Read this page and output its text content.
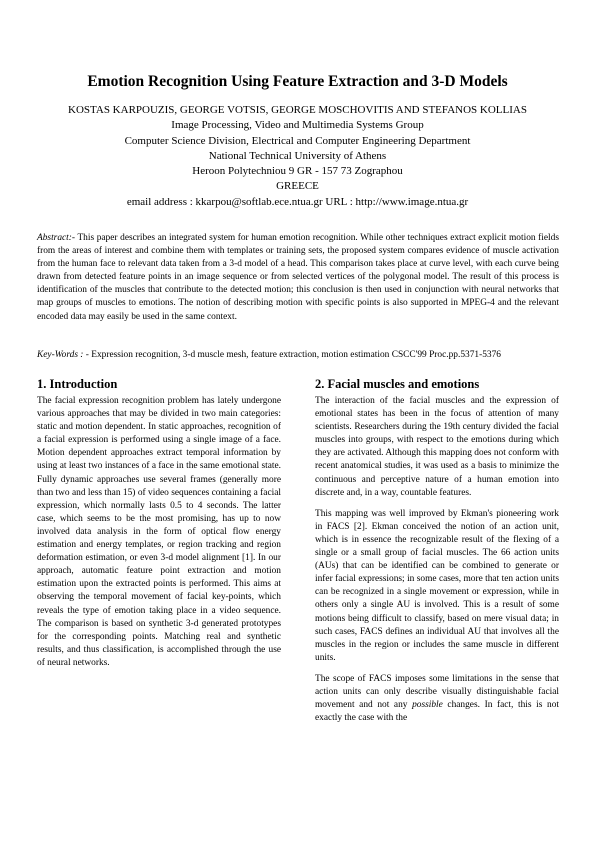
Emotion Recognition Using Feature Extraction and 3-D Models
KOSTAS KARPOUZIS, GEORGE VOTSIS, GEORGE MOSCHOVITIS AND STEFANOS KOLLIAS
Image Processing, Video and Multimedia Systems Group
Computer Science Division, Electrical and Computer Engineering Department
National Technical University of Athens
Heroon Polytechniou 9 GR - 157 73 Zographou
GREECE
email address : kkarpou@softlab.ece.ntua.gr URL : http://www.image.ntua.gr
Abstract:- This paper describes an integrated system for human emotion recognition. While other techniques extract explicit motion fields from the areas of interest and combine them with templates or training sets, the proposed system compares evidence of muscle activation from the human face to relevant data taken from a 3-d model of a head. This comparison takes place at curve level, with each curve being drawn from detected feature points in an image sequence or from selected vertices of the polygonal model. The result of this process is identification of the muscles that contribute to the detected motion; this conclusion is then used in conjunction with neural networks that map groups of muscles to emotions. The notion of describing motion with specific points is also supported in MPEG-4 and the relevant encoded data may easily be used in the same context.
Key-Words : - Expression recognition, 3-d muscle mesh, feature extraction, motion estimation CSCC'99 Proc.pp.5371-5376
1. Introduction

The facial expression recognition problem has lately undergone various approaches that may be divided in two main categories: static and motion dependent. In static approaches, recognition of a facial expression is performed using a single image of a face. Motion dependent approaches extract temporal information by using at least two instances of a face in the same emotional state. Fully dynamic approaches use several frames (generally more than two and less than 15) of video sequences containing a facial expression, which normally lasts 0.5 to 4 seconds. The latter case, which seems to be the most promising, has up to now involved data analysis in the form of optical flow energy estimation and energy templates, or region tracking and region deformation estimation, or even 3-d model alignment [1]. In our approach, automatic feature point extraction and motion estimation upon the extracted points is performed. This aims at observing the temporal movement of facial key-points, which reveals the type of emotion taking place in a video sequence. The comparison is based on synthetic 3-d generated prototypes for the corresponding points. Matching real and synthetic results, and thus classification, is accomplished through the use of neural networks.

2. Facial muscles and emotions

The interaction of the facial muscles and the expression of emotional states has been in the focus of attention of many scientists. Researchers during the 19th century divided the facial muscles into groups, with respect to the emotions during which they are activated. Although this mapping does not conform with recent anatomical studies, it was used as a basis to minimize the continuous and perceptive nature of a human emotion into discrete and, in a way, countable features.

This mapping was well improved by Ekman's pioneering work in FACS [2]. Ekman conceived the notion of an action unit, which is in essence the recognizable result of the flexing of a single or a small group of facial muscles. The 66 action units (AUs) that can be identified can be combined to generate or infer facial expressions; in some cases, more that ten action units can be recognized in a single movement or expression, while in others only a single AU is involved. This is a result of some motions being difficult to classify, based on mere visual data; in such cases, FACS defines an individual AU that involves all the muscles in the region or includes the same muscle in different units.

The scope of FACS imposes some limitations in the sense that action units can only describe visually distinguishable facial movement and not any possible changes. In fact, this is not exactly the case with the
